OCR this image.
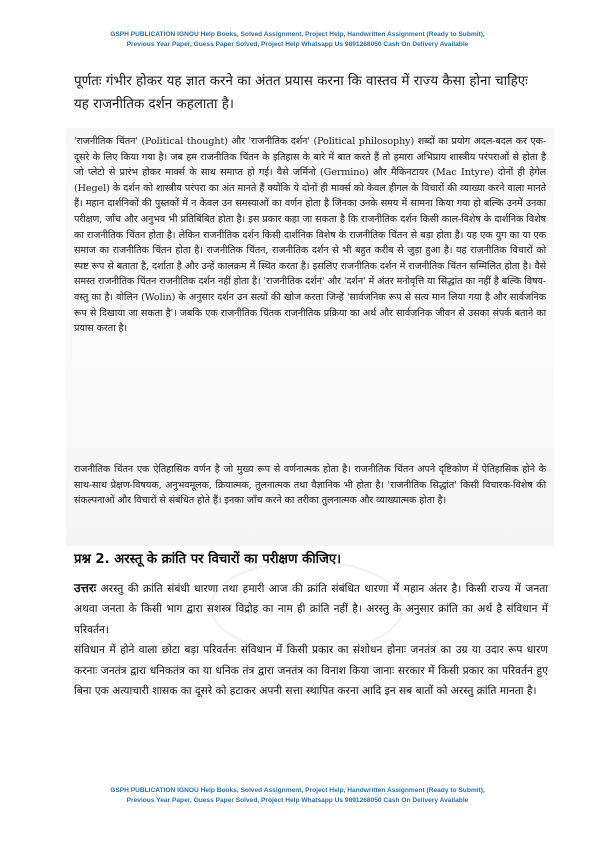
GSPH PUBLICATION IGNOU Help Books, Solved Assignment, Project Help, Handwritten Assignment (Ready to Submit),
Previous Year Paper, Guess Paper Solved, Project Help Whatsapp Us 9891268050 Cash On Delivery Available
पूर्णतः गंभीर होकर यह ज्ञात करने का अंतत प्रयास करना कि वास्तव में राज्य कैसा होना चाहिएः यह राजनीतिक दर्शन कहलाता है।
'राजनीतिक चिंतन' (Political thought) और 'राजनीतिक दर्शन' (Political philosophy) शब्दों का प्रयोग अदल-बदल कर एक-दूसरे के लिए किया गया है। जब हम राजनीतिक चिंतन के इतिहास के बारे में बात करते हैं तो हमारा अभिप्राय शास्त्रीय परंपराओं से होता है जो प्लेटो से प्रारंभ होकर मार्क्स के साथ समाप्त हो गईं। वैसे जर्मिनो (Germino) और मैकिनटायर (Mac Intyre) दोनों ही हेगेल (Hegel) के दर्शन को शास्त्रीय परंपरा का अंत मानते हैं क्योंकि ये दोनों ही मार्क्स को केवल हीगल के विचारों की व्याख्या करने वाला मानते हैं। महान दार्शनिकों की पुस्तकों में न केवल उन समस्याओं का वर्णन होता है जिनका उनके समय में सामना किया गया हो बल्कि उनमें उनका परीक्षण, जाँच और अनुभव भी प्रतिबिंबित होता है। इस प्रकार कहा जा सकता है कि राजनीतिक दर्शन किसी काल-विशेष के दार्शनिक विशेष का राजनीतिक चिंतन होता है। लेकिन राजनीतिक दर्शन किसी दार्शनिक विशेष के राजनीतिक चिंतन से बड़ा होता है। यह एक युग का या एक समाज का राजनीतिक चिंतन होता है। राजनीतिक चिंतन, राजनीतिक दर्शन से भी बहुत करीब से जुड़ा हुआ है। यह राजनीतिक विचारों को स्पष्ट रूप से बताता है, दर्शाता है और उन्हें कालक्रम में स्थित करता है। इसलिए राजनीतिक दर्शन में राजनीतिक चिंतन सम्मिलित होता है। वैसे समस्त राजनीतिक चिंतन राजनीतिक दर्शन नहीं होता है। 'राजनीतिक दर्शन' और 'दर्शन' में अंतर मनोवृत्ति या सिद्धांत का नहीं है बल्कि विषय-वस्तु का है। वोलिन (Wolin) के अनुसार दर्शन उन सत्यों की खोज करता जिन्हें 'सार्वजनिक रूप से सत्य मान लिया गया है और सार्वजनिक रूप से दिखाया जा सकता है'। जबकि एक राजनीतिक चिंतक राजनीतिक प्रक्रिया का अर्थ और सार्वजनिक जीवन से उसका संपर्क बताने का प्रयास करता है।
राजनीतिक चिंतन एक ऐतिहासिक वर्णन है जो मुख्य रूप से वर्णनात्मक होता है। राजनीतिक चिंतन अपने दृष्टिकोण में ऐतिहासिक होने के साथ-साथ प्रेक्षण-विषयक, अनुभवमूलक, क्रियात्मक, तुलनात्मक तथा वैज्ञानिक भी होता है। 'राजनीतिक सिद्धांत' किसी विचारक-विशेष की संकल्पनाओं और विचारों से संबंधित होते हैं। इनका जाँच करने का तरीका तुलनात्मक और व्याख्यात्मक होता है।
प्रश्न 2. अरस्तू के क्रांति पर विचारों का परीक्षण कीजिए।
उत्तरः अरस्तु की क्रांति संबंधी धारणा तथा हमारी आज की क्रांति संबंधित धारणा में महान अंतर है। किसी राज्य में जनता अथवा जनता के किसी भाग द्वारा सशस्त्र विद्रोह का नाम ही क्रांति नहीं है। अरस्तु के अनुसार क्रांति का अर्थ है संविधान में परिवर्तन।
संविधान में होने वाला छोटा बड़ा परिवर्तनः संविधान में किसी प्रकार का संशोधन होनाः जनतंत्र का उग्र या उदार रूप धारण करनाः जनतंत्र द्वारा धनिकतंत्र का या धनिक तंत्र द्वारा जनतंत्र का विनाश किया जानाः सरकार में किसी प्रकार का परिवर्तन हुए बिना एक अत्याचारी शासक का दूसरे को हटाकर अपनी सत्ता स्थापित करना आदि इन सब बातों को अरस्तु क्रांति मानता है।
GSPH PUBLICATION IGNOU Help Books, Solved Assignment, Project Help, Handwritten Assignment (Ready to Submit),
Previous Year Paper, Guess Paper Solved, Project Help Whatsapp Us 9891268050 Cash On Delivery Available
